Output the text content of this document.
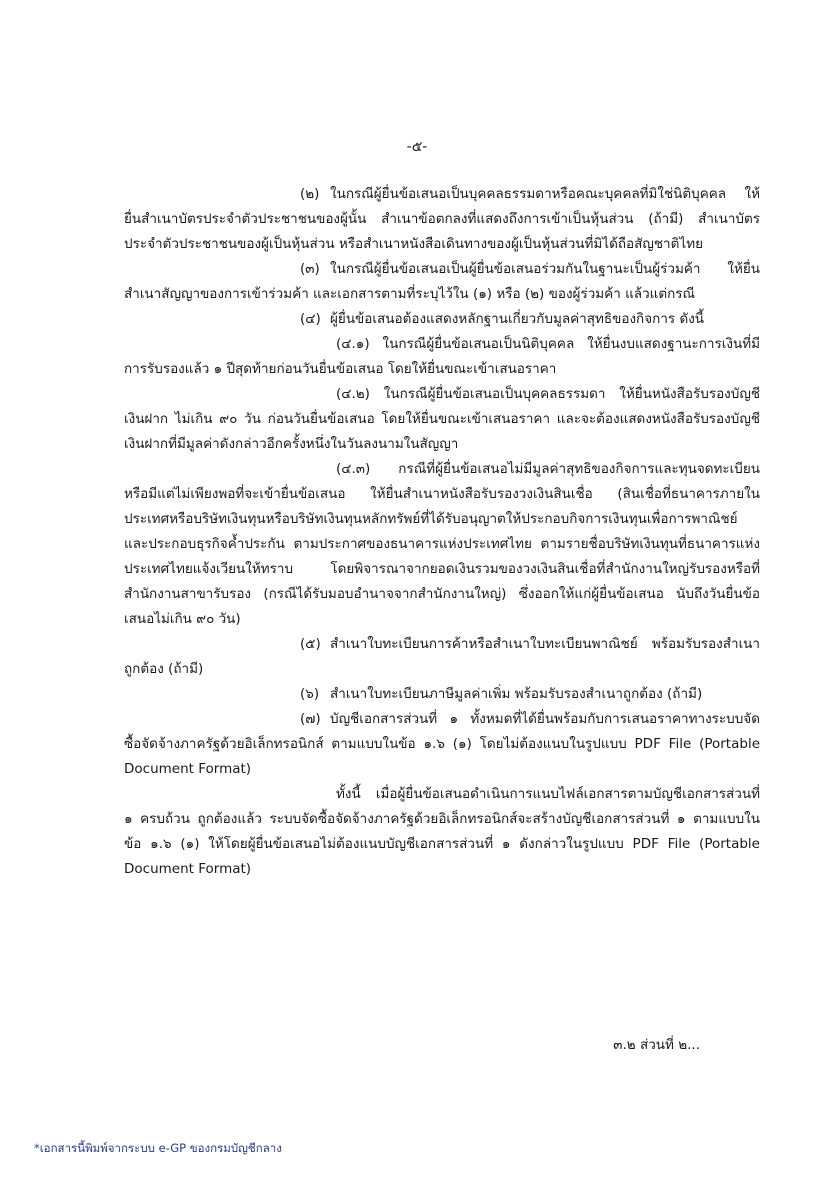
-๕-

(๒) ในกรณีผู้ยื่นข้อเสนอเป็นบุคคลธรรมดาหรือคณะบุคคลที่มิใช่นิติบุคคล ให้ยื่นสำเนาบัตรประจำตัวประชาชนของผู้นั้น สำเนาข้อตกลงที่แสดงถึงการเข้าเป็นหุ้นส่วน (ถ้ามี) สำเนาบัตรประจำตัวประชาชนของผู้เป็นหุ้นส่วน หรือสำเนาหนังสือเดินทางของผู้เป็นหุ้นส่วนที่มิได้ถือสัญชาติไทย

(๓) ในกรณีผู้ยื่นข้อเสนอเป็นผู้ยื่นข้อเสนอร่วมกันในฐานะเป็นผู้ร่วมค้า ให้ยื่นสำเนาสัญญาของการเข้าร่วมค้า และเอกสารตามที่ระบุไว้ใน (๑) หรือ (๒) ของผู้ร่วมค้า แล้วแต่กรณี

(๔) ผู้ยื่นข้อเสนอต้องแสดงหลักฐานเกี่ยวกับมูลค่าสุทธิของกิจการ ดังนี้

(๔.๑) ในกรณีผู้ยื่นข้อเสนอเป็นนิติบุคคล ให้ยื่นงบแสดงฐานะการเงินที่มีการรับรองแล้ว ๑ ปีสุดท้ายก่อนวันยื่นข้อเสนอ โดยให้ยื่นขณะเข้าเสนอราคา

(๔.๒) ในกรณีผู้ยื่นข้อเสนอเป็นบุคคลธรรมดา ให้ยื่นหนังสือรับรองบัญชีเงินฝาก ไม่เกิน ๙๐ วัน ก่อนวันยื่นข้อเสนอ โดยให้ยื่นขณะเข้าเสนอราคา และจะต้องแสดงหนังสือรับรองบัญชีเงินฝากที่มีมูลค่าดังกล่าวอีกครั้งหนึ่งในวันลงนามในสัญญา

(๔.๓) กรณีที่ผู้ยื่นข้อเสนอไม่มีมูลค่าสุทธิของกิจการและทุนจดทะเบียน หรือมีแต่ไม่เพียงพอที่จะเข้ายื่นข้อเสนอ ให้ยื่นสำเนาหนังสือรับรองวงเงินสินเชื่อ (สินเชื่อที่ธนาคารภายในประเทศหรือบริษัทเงินทุนหรือบริษัทเงินทุนหลักทรัพย์ที่ได้รับอนุญาตให้ประกอบกิจการเงินทุนเพื่อการพาณิชย์และประกอบธุรกิจค้ำประกัน ตามประกาศของธนาคารแห่งประเทศไทย ตามรายชื่อบริษัทเงินทุนที่ธนาคารแห่งประเทศไทยแจ้งเวียนให้ทราบ โดยพิจารณาจากยอดเงินรวมของวงเงินสินเชื่อที่สำนักงานใหญ่รับรองหรือที่สำนักงานสาขารับรอง (กรณีได้รับมอบอำนาจจากสำนักงานใหญ่) ซึ่งออกให้แก่ผู้ยื่นข้อเสนอ นับถึงวันยื่นข้อเสนอไม่เกิน ๙๐ วัน)

(๕) สำเนาใบทะเบียนการค้าหรือสำเนาใบทะเบียนพาณิชย์ พร้อมรับรองสำเนาถูกต้อง (ถ้ามี)

(๖) สำเนาใบทะเบียนภาษีมูลค่าเพิ่ม พร้อมรับรองสำเนาถูกต้อง (ถ้ามี)

(๗) บัญชีเอกสารส่วนที่ ๑ ทั้งหมดที่ได้ยื่นพร้อมกับการเสนอราคาทางระบบจัดซื้อจัดจ้างภาครัฐด้วยอิเล็กทรอนิกส์ ตามแบบในข้อ ๑.๖ (๑) โดยไม่ต้องแนบในรูปแบบ PDF File (Portable Document Format)

ทั้งนี้ เมื่อผู้ยื่นข้อเสนอดำเนินการแนบไฟล์เอกสารตามบัญชีเอกสารส่วนที่ ๑ ครบถ้วน ถูกต้องแล้ว ระบบจัดซื้อจัดจ้างภาครัฐด้วยอิเล็กทรอนิกส์จะสร้างบัญชีเอกสารส่วนที่ ๑ ตามแบบในข้อ ๑.๖ (๑) ให้โดยผู้ยื่นข้อเสนอไม่ต้องแนบบัญชีเอกสารส่วนที่ ๑ ดังกล่าวในรูปแบบ PDF File (Portable Document Format)

๓.๒ ส่วนที่ ๒...
*เอกสารนี้พิมพ์จากระบบ e-GP ของกรมบัญชีกลาง
